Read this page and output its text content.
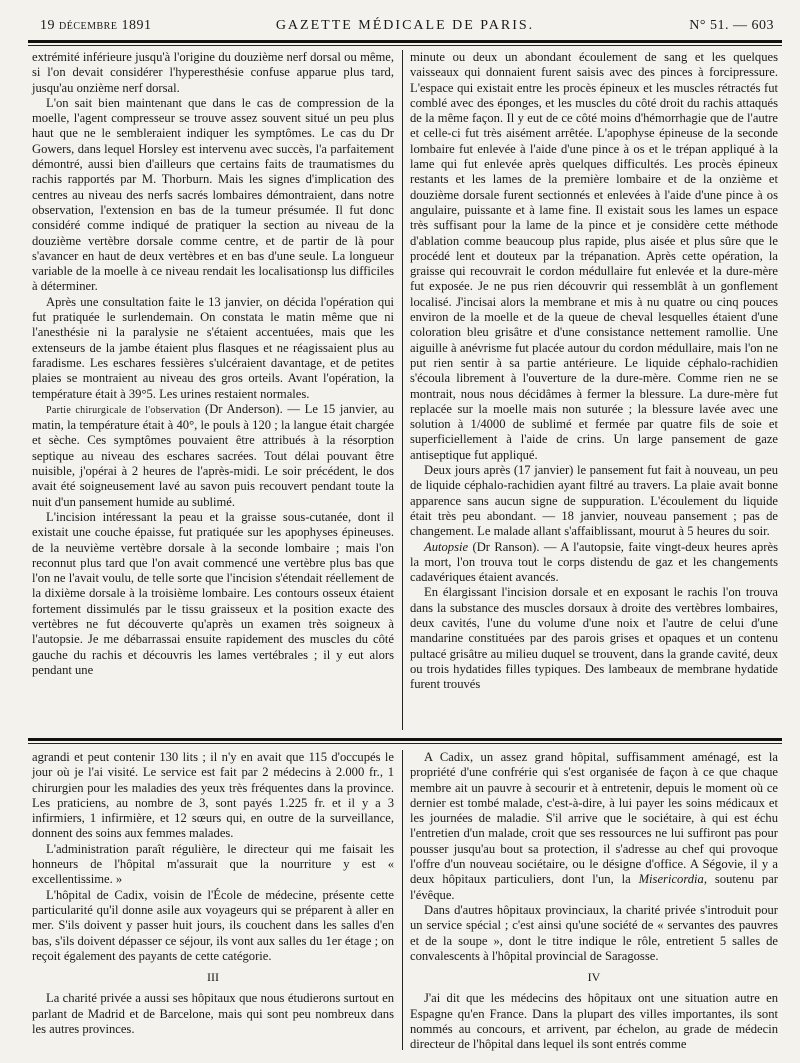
19 DÉCEMBRE 1891	GAZETTE MÉDICALE DE PARIS.	N° 51. — 603

extrémité inférieure jusqu'à l'origine du douzième nerf dorsal ou même, si l'on devait considérer l'hyperesthésie confuse apparue plus tard, jusqu'au onzième nerf dorsal.

L'on sait bien maintenant que dans le cas de compression de la moelle, l'agent compresseur se trouve assez souvent situé un peu plus haut que ne le sembleraient indiquer les symptômes. Le cas du Dr Gowers, dans lequel Horsley est intervenu avec succès, l'a parfaitement démontré, aussi bien d'ailleurs que certains faits de traumatismes du rachis rapportés par M. Thorburn. Mais les signes d'implication des centres au niveau des nerfs sacrés lombaires démontraient, dans notre observation, l'extension en bas de la tumeur présumée. Il fut donc considéré comme indiqué de pratiquer la section au niveau de la douzième vertèbre dorsale comme centre, et de partir de là pour s'avancer en haut de deux vertèbres et en bas d'une seule. La longueur variable de la moelle à ce niveau rendait les localisationsp lus difficiles à déterminer.

Après une consultation faite le 13 janvier, on décida l'opération qui fut pratiquée le surlendemain. On constata le matin même que ni l'anesthésie ni la paralysie ne s'étaient accentuées, mais que les extenseurs de la jambe étaient plus flasques et ne réagissaient plus au faradisme. Les eschares fessières s'ulcéraient davantage, et de petites plaies se montraient au niveau des gros orteils. Avant l'opération, la température était à 39°5. Les urines restaient normales.

Partie chirurgicale de l'observation (Dr Anderson). — Le 15 janvier, au matin, la température était à 40°, le pouls à 120 ; la langue était chargée et sèche. Ces symptômes pouvaient être attribués à la résorption septique au niveau des eschares sacrées. Tout délai pouvant être nuisible, j'opérai à 2 heures de l'après-midi. Le soir précédent, le dos avait été soigneusement lavé au savon puis recouvert pendant toute la nuit d'un pansement humide au sublimé.

L'incision intéressant la peau et la graisse sous-cutanée, dont il existait une couche épaisse, fut pratiquée sur les apophyses épineuses. de la neuvième vertèbre dorsale à la seconde lombaire ; mais l'on reconnut plus tard que l'on avait commencé une vertèbre plus bas que l'on ne l'avait voulu, de telle sorte que l'incision s'étendait réellement de la dixième dorsale à la troisième lombaire. Les contours osseux étaient fortement dissimulés par le tissu graisseux et la position exacte des vertèbres ne fut découverte qu'après un examen très soigneux à l'autopsie. Je me débarrassai ensuite rapidement des muscles du côté gauche du rachis et découvris les lames vertébrales ; il y eut alors pendant une

minute ou deux un abondant écoulement de sang et les quelques vaisseaux qui donnaient furent saisis avec des pinces à forcipressure. L'espace qui existait entre les procès épineux et les muscles rétractés fut comblé avec des éponges, et les muscles du côté droit du rachis attaqués de la même façon. Il y eut de ce côté moins d'hémorrhagie que de l'autre et celle-ci fut très aisément arrêtée. L'apophyse épineuse de la seconde lombaire fut enlevée à l'aide d'une pince à os et le trépan appliqué à la lame qui fut enlevée après quelques difficultés. Les procès épineux restants et les lames de la première lombaire et de la onzième et douzième dorsale furent sectionnés et enlevées à l'aide d'une pince à os angulaire, puissante et à lame fine. Il existait sous les lames un espace très suffisant pour la lame de la pince et je considère cette méthode d'ablation comme beaucoup plus rapide, plus aisée et plus sûre que le procédé lent et douteux par la trépanation. Après cette opération, la graisse qui recouvrait le cordon médullaire fut enlevée et la dure-mère fut exposée. Je ne pus rien découvrir qui ressemblât à un gonflement localisé. J'incisai alors la membrane et mis à nu quatre ou cinq pouces environ de la moelle et de la queue de cheval lesquelles étaient d'une coloration bleu grisâtre et d'une consistance nettement ramollie. Une aiguille à anévrisme fut placée autour du cordon médullaire, mais l'on ne put rien sentir à sa partie antérieure. Le liquide céphalo-rachidien s'écoula librement à l'ouverture de la dure-mère. Comme rien ne se montrait, nous nous décidâmes à fermer la blessure. La dure-mère fut replacée sur la moelle mais non suturée ; la blessure lavée avec une solution à 1/4000 de sublimé et fermée par quatre fils de soie et superficiellement à l'aide de crins. Un large pansement de gaze antiseptique fut appliqué.

Deux jours après (17 janvier) le pansement fut fait à nouveau, un peu de liquide céphalo-rachidien ayant filtré au travers. La plaie avait bonne apparence sans aucun signe de suppuration. L'écoulement du liquide était très peu abondant. — 18 janvier, nouveau pansement ; pas de changement. Le malade allant s'affaiblissant, mourut à 5 heures du soir.

Autopsie (Dr Ranson). — A l'autopsie, faite vingt-deux heures après la mort, l'on trouva tout le corps distendu de gaz et les changements cadavériques étaient avancés.

En élargissant l'incision dorsale et en exposant le rachis l'on trouva dans la substance des muscles dorsaux à droite des vertèbres lombaires, deux cavités, l'une du volume d'une noix et l'autre de celui d'une mandarine constituées par des parois grises et opaques et un contenu pultacé grisâtre au milieu duquel se trouvent, dans la grande cavité, deux ou trois hydatides filles typiques. Des lambeaux de membrane hydatide furent trouvés

agrandi et peut contenir 130 lits ; il n'y en avait que 115 d'occupés le jour où je l'ai visité. Le service est fait par 2 médecins à 2.000 fr., 1 chirurgien pour les maladies des yeux très fréquentes dans la province. Les praticiens, au nombre de 3, sont payés 1.225 fr. et il y a 3 infirmiers, 1 infirmière, et 12 sœurs qui, en outre de la surveillance, donnent des soins aux femmes malades.

L'administration paraît régulière, le directeur qui me faisait les honneurs de l'hôpital m'assurait que la nourriture y est « excellentissime. »

L'hôpital de Cadix, voisin de l'École de médecine, présente cette particularité qu'il donne asile aux voyageurs qui se préparent à aller en mer. S'ils doivent y passer huit jours, ils couchent dans les salles d'en bas, s'ils doivent dépasser ce séjour, ils vont aux salles du 1er étage ; on reçoit également des payants de cette catégorie.

III

La charité privée a aussi ses hôpitaux que nous étudierons surtout en parlant de Madrid et de Barcelone, mais qui sont peu nombreux dans les autres provinces.

A Cadix, un assez grand hôpital, suffisamment aménagé, est la propriété d'une confrérie qui s'est organisée de façon à ce que chaque membre ait un pauvre à secourir et à entretenir, depuis le moment où ce dernier est tombé malade, c'est-à-dire, à lui payer les soins médicaux et les journées de maladie. S'il arrive que le sociétaire, à qui est échu l'entretien d'un malade, croit que ses ressources ne lui suffiront pas pour pousser jusqu'au bout sa protection, il s'adresse au chef qui provoque l'offre d'un nouveau sociétaire, ou le désigne d'office. A Ségovie, il y a deux hôpitaux particuliers, dont l'un, la Misericordia, soutenu par l'évêque.

Dans d'autres hôpitaux provinciaux, la charité privée s'introduit pour un service spécial ; c'est ainsi qu'une société de « servantes des pauvres et de la soupe », dont le titre indique le rôle, entretient 5 salles de convalescents à l'hôpital provincial de Saragosse.

IV

J'ai dit que les médecins des hôpitaux ont une situation autre en Espagne qu'en France. Dans la plupart des villes importantes, ils sont nommés au concours, et arrivent, par échelon, au grade de médecin directeur de l'hôpital dans lequel ils sont entrés comme
